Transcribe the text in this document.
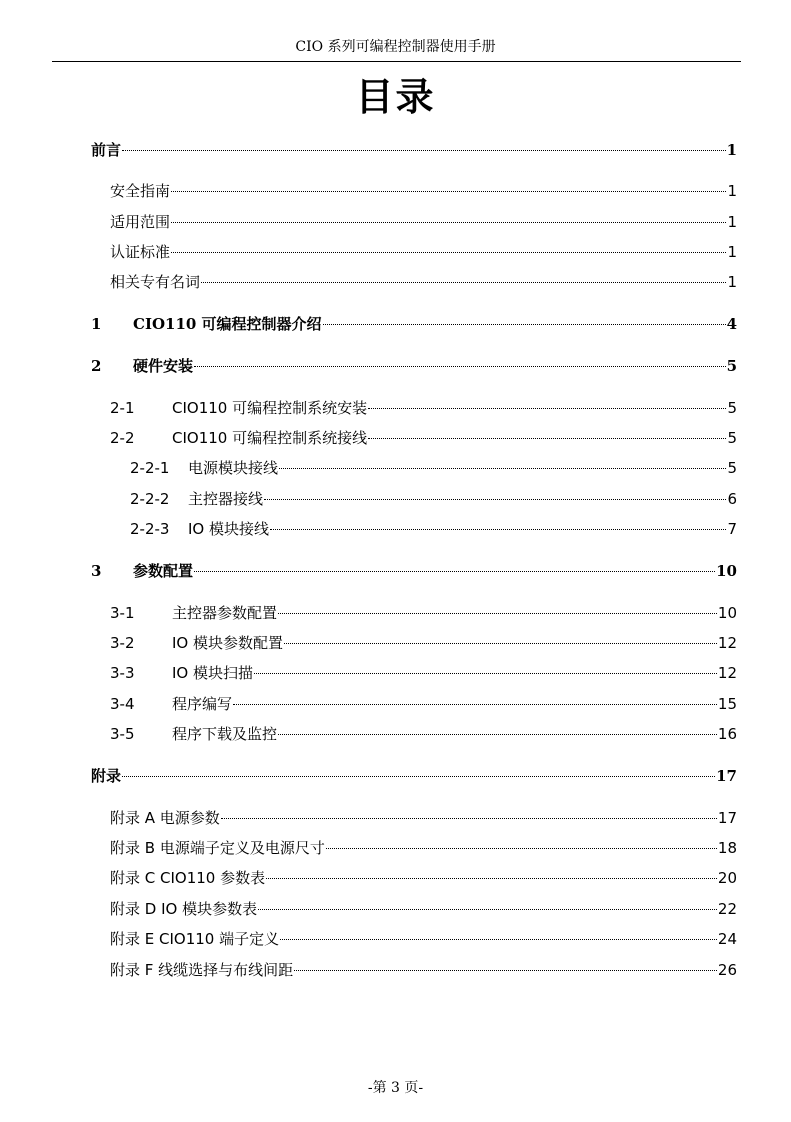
CIO 系列可编程控制器使用手册
目录
前言	1
安全指南	1
适用范围	1
认证标准	1
相关专有名词	1
1	CIO110 可编程控制器介绍	4
2	硬件安装	5
2-1	CIO110 可编程控制系统安装	5
2-2	CIO110 可编程控制系统接线	5
2-2-1	电源模块接线	5
2-2-2	主控器接线	6
2-2-3	IO 模块接线	7
3	参数配置	10
3-1	主控器参数配置	10
3-2	IO 模块参数配置	12
3-3	IO 模块扫描	12
3-4	程序编写	15
3-5	程序下载及监控	16
附录	17
附录 A 电源参数	17
附录 B 电源端子定义及电源尺寸	18
附录 C CIO110 参数表	20
附录 D IO 模块参数表	22
附录 E CIO110 端子定义	24
附录 F 线缆选择与布线间距	26
-第 3 页-
